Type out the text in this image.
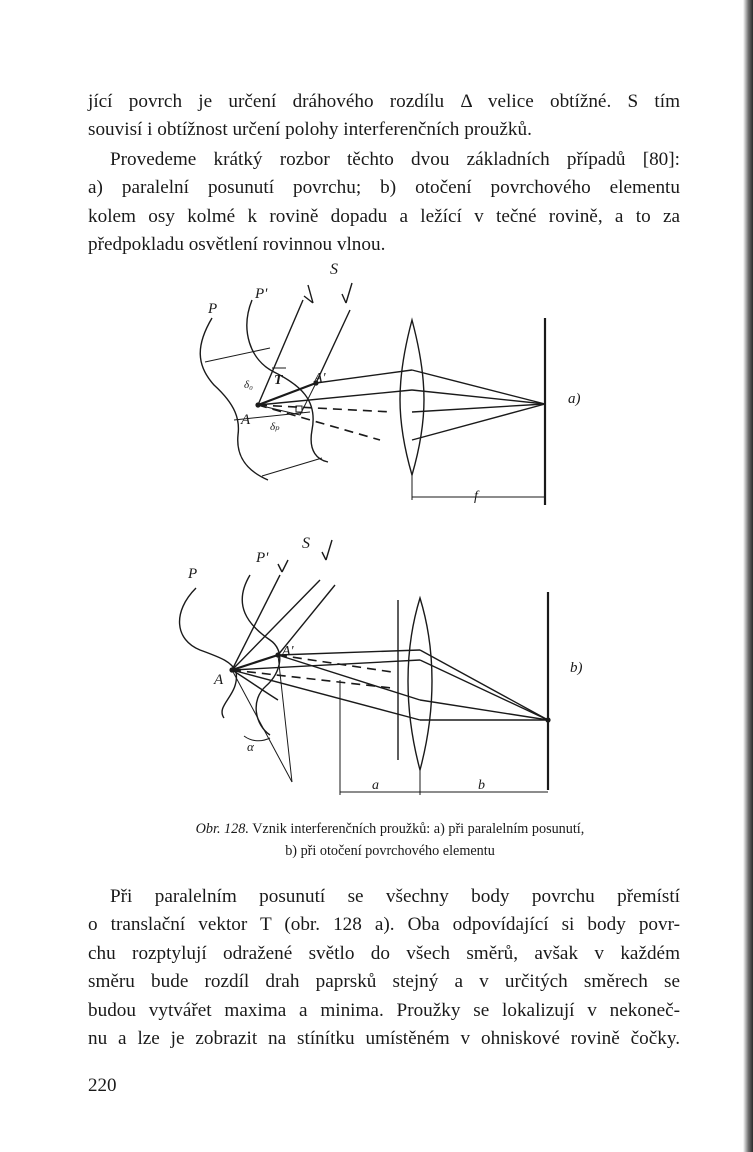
jící povrch je určení dráhového rozdílu Δ velice obtížné. S tím
souvisí i obtížnost určení polohy interferenčních proužků.

Provedeme krátký rozbor těchto dvou základních případů [80]:
a) paralelní posunutí povrchu; b) otočení povrchového elementu
kolem osy kolmé k rovině dopadu a ležící v tečné rovině, a to za
předpokladu osvětlení rovinnou vlnou.

S
P
P'
A
A'
T
δ₀
δₚ
f
a)
S
P
P'
A
A'
α
a	b
b)
Obr. 128. Vznik interferenčních proužků: a) při paralelním posunutí,
b) při otočení povrchového elementu

Při paralelním posunutí se všechny body povrchu přemístí
o translační vektor T (obr. 128 a). Oba odpovídající si body povr-
chu rozptylují odražené světlo do všech směrů, avšak v každém
směru bude rozdíl drah paprsků stejný a v určitých směrech se
budou vytvářet maxima a minima. Proužky se lokalizují v nekoneč-
nu a lze je zobrazit na stínítku umístěném v ohniskové rovině čočky.

220
